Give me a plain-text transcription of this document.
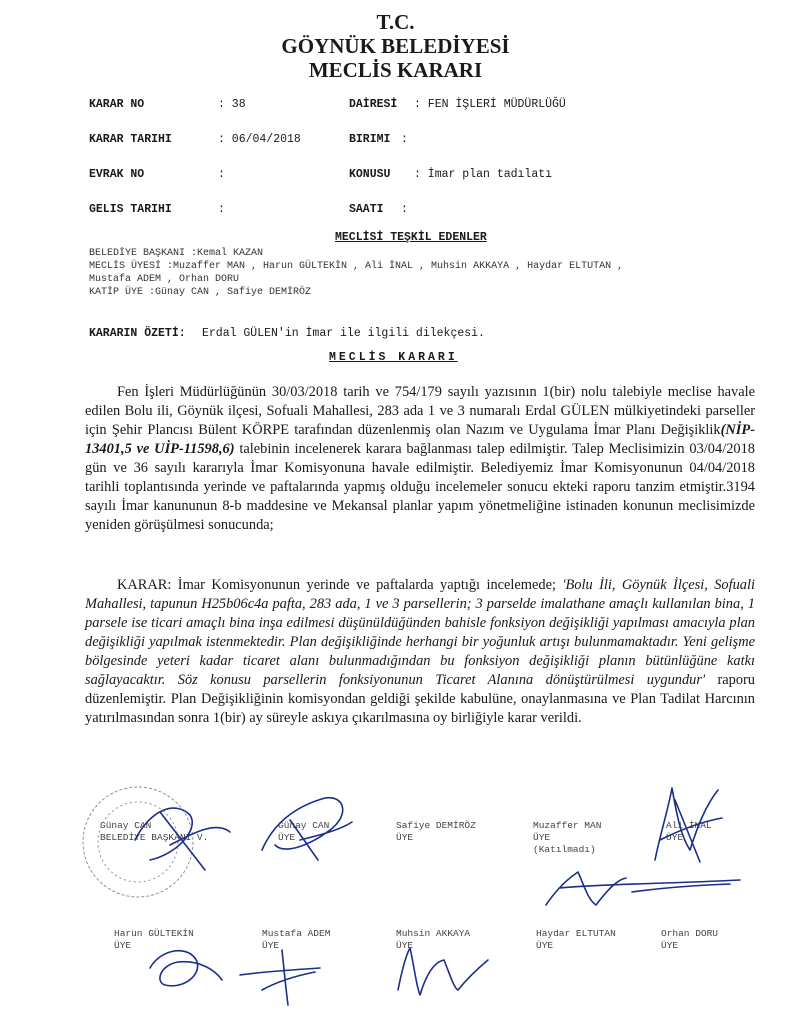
T.C.
GÖYNÜK BELEDİYESİ
MECLİS KARARI
KARAR NO	: 38	DAİRESİ : FEN İŞLERİ MÜDÜRLÜĞÜ
KARAR TARIHI	: 06/04/2018	BIRIMI :
EVRAK NO	:	KONUSU : İmar plan tadılatı
GELIS TARIHI	:	SAATI :
MECLİSİ TEŞKİL EDENLER
BELEDİYE BAŞKANI :Kemal KAZAN
MECLİS ÜYESİ :Muzaffer MAN , Harun GÜLTEKİN , Ali İNAL , Muhsin AKKAYA , Haydar ELTUTAN ,
Mustafa ADEM , Orhan DORU
KATİP ÜYE :Günay CAN , Safiye DEMİRÖZ
KARARIN ÖZETİ: Erdal GÜLEN'in İmar ile ilgili dilekçesi.
MECLİS KARARI

Fen İşleri Müdürlüğünün 30/03/2018 tarih ve 754/179 sayılı yazısının 1(bir) nolu talebiyle meclise havale edilen Bolu ili, Göynük ilçesi, Sofuali Mahallesi, 283 ada 1 ve 3 numaralı Erdal GÜLEN mülkiyetindeki parseller için Şehir Plancısı Bülent KÖRPE tarafından düzenlenmiş olan Nazım ve Uygulama İmar Planı Değişiklik(NİP-13401,5 ve UİP-11598,6) talebinin incelenerek karara bağlanması talep edilmiştir. Talep Meclisimizin 03/04/2018 gün ve 36 sayılı kararıyla İmar Komisyonuna havale edilmiştir. Belediyemiz İmar Komisyonunun 04/04/2018 tarihli toplantısında yerinde ve paftalarında yapmış olduğu incelemeler sonucu ekteki raporu tanzim etmiştir.3194 sayılı İmar kanununun 8-b maddesine ve Mekansal planlar yapım yönetmeliğine istinaden konunun meclisimizde yeniden görüşülmesi sonucunda;

KARAR: İmar Komisyonunun yerinde ve paftalarda yaptığı incelemede; 'Bolu İli, Göynük İlçesi, Sofuali Mahallesi, tapunun H25b06c4a pafta, 283 ada, 1 ve 3 parsellerin; 3 parselde imalathane amaçlı kullanılan bina, 1 parsele ise ticari amaçlı bina inşa edilmesi düşünüldüğünden bahisle fonksiyon değişikliği yapılması amacıyla plan değişikliği yapılmak istenmektedir. Plan değişikliğinde herhangi bir yoğunluk artışı bulunmamaktadır. Yeni gelişme bölgesinde yeteri kadar ticaret alanı bulunmadığından bu fonksiyon değişikliği planın bütünlüğüne katkı sağlayacaktır. Söz konusu parsellerin fonksiyonunun Ticaret Alanına dönüştürülmesi uygundur' raporu düzenlemiştir. Plan Değişikliğinin komisyondan geldiği şekilde kabulüne, onaylanmasına ve Plan Tadilat Harcının yatırılmasından sonra 1(bir) ay süreyle askıya çıkarılmasına oy birliğiyle karar verildi.

Günay CAN
BELEDİYE BAŞKANI V.
Günay CAN
ÜYE
Safiye DEMİRÖZ
ÜYE
Muzaffer MAN
ÜYE
(Katılmadı)
Ali İNAL
ÜYE
Harun GÜLTEKİN
ÜYE
Mustafa ADEM
ÜYE
Muhsin AKKAYA
ÜYE
Haydar ELTUTAN
ÜYE
Orhan DORU
ÜYE
